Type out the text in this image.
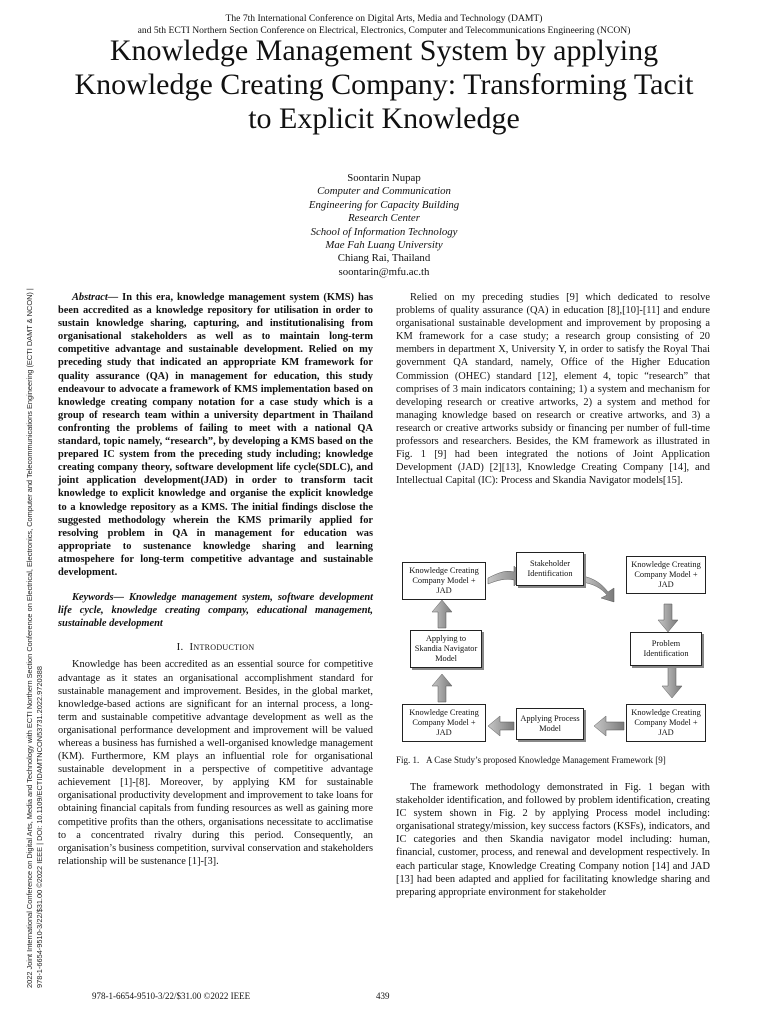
The 7th International Conference on Digital Arts, Media and Technology (DAMT)
and 5th ECTI Northern Section Conference on Electrical, Electronics, Computer and Telecommunications Engineering (NCON)
Knowledge Management System by applying
Knowledge Creating Company: Transforming Tacit
to Explicit Knowledge
Soontarin Nupap
Computer and Communication
Engineering for Capacity Building
Research Center
School of Information Technology
Mae Fah Luang University
Chiang Rai, Thailand
soontarin@mfu.ac.th
2022 Joint International Conference on Digital Arts, Media and Technology with ECTI Northern Section Conference on Electrical, Electronics, Computer and Telecommunications Engineering (ECTI DAMT & NCON) | 978-1-6654-9510-3/22/$31.00 ©2022 IEEE | DOI: 10.1109/ECTIDAMTNCON53731.2022.9720388

Abstract— In this era, knowledge management system (KMS) has been accredited as a knowledge repository for utilisation in order to sustain knowledge sharing, capturing, and institutionalising from organisational stakeholders as well as to maintain long-term competitive advantage and sustainable development. Relied on my preceding study that indicated an appropriate KM framework for quality assurance (QA) in management for education, this study endeavour to advocate a framework of KMS implementation based on knowledge creating company notation for a case study which is a group of research team within a university department in Thailand confronting the problems of failing to meet with a national QA standard, topic namely, “research”, by developing a KMS based on the prepared IC system from the preceding study including; knowledge creating company theory, software development life cycle(SDLC), and joint application development(JAD) in order to transform tacit knowledge to explicit knowledge and organise the explicit knowledge to a knowledge repository as a KMS. The initial findings disclose the suggested methodology wherein the KMS primarily applied for resolving problem in QA in management for education was appropriate to sustenance knowledge sharing and learning atmospehere for long-term competitive advantage and sustainable development.

Keywords— Knowledge management system, software development life cycle, knowledge creating company, educational management, sustainable development

I. Introduction

Knowledge has been accredited as an essential source for competitive advantage as it states an organisational accomplishment standard for sustainable management and improvement. Besides, in the global market, knowledge-based actions are significant for an internal process, a long-term and sustainable competitive advantage development as well as the organisational performance development and improvement will be valued whereas a business has furnished a well-organised knowledge management (KM). Furthermore, KM plays an influential role for organisational sustainable development in a perspective of competitive advantage achievement [1]-[8]. Moreover, by applying KM for sustainable organisational productivity development and improvement to take loans for obtaining financial capitals from funding resources as well as gaining more competitive profits than the others, organisations necessitate to acclimatise to a concentrated rivalry during this period. Consequently, an organisation’s business competition, survival conservation and stakeholders relationship will be sustenance [1]-[3].

Relied on my preceding studies [9] which dedicated to resolve problems of quality assurance (QA) in education [8],[10]-[11] and endure organisational sustainable development and improvement by proposing a KM framework for a case study; a research group consisting of 20 members in department X, University Y, in order to satisfy the Royal Thai government QA standard, namely, Office of the Higher Education Commission (OHEC) standard [12], element 4, topic “research” that comprises of 3 main indicators containing; 1) a system and mechanism for developing research or creative artworks, 2) a system and method for managing knowledge based on research or creative artworks, and 3) a research or creative artworks subsidy or financing per number of full-time professors and researchers. Besides, the KM framework as illustrated in Fig. 1 [9] had been integrated the notions of Joint Application Development (JAD) [2][13], Knowledge Creating Company [14], and Intellectual Capital (IC): Process and Skandia Navigator models[15].

Knowledge Creating Company Model + JAD
Stakeholder Identification
Knowledge Creating Company Model + JAD
Applying to Skandia Navigator Model
Problem Identification
Knowledge Creating Company Model + JAD
Applying Process Model
Knowledge Creating Company Model + JAD
Fig. 1. A Case Study’s proposed Knowledge Management Framework [9]

The framework methodology demonstrated in Fig. 1 began with stakeholder identification, and followed by problem identification, creating IC system shown in Fig. 2 by applying Process model including: organisational strategy/mission, key success factors (KSFs), indicators, and IC categories and then Skandia navigator model including: human, financial, customer, process, and renewal and development respectively. In each particular stage, Knowledge Creating Company notion [14] and JAD [13] had been adapted and applied for facilitating knowledge sharing and preparing appropriate environment for stakeholder

978-1-6654-9510-3/22/$31.00 ©2022 IEEE	439
